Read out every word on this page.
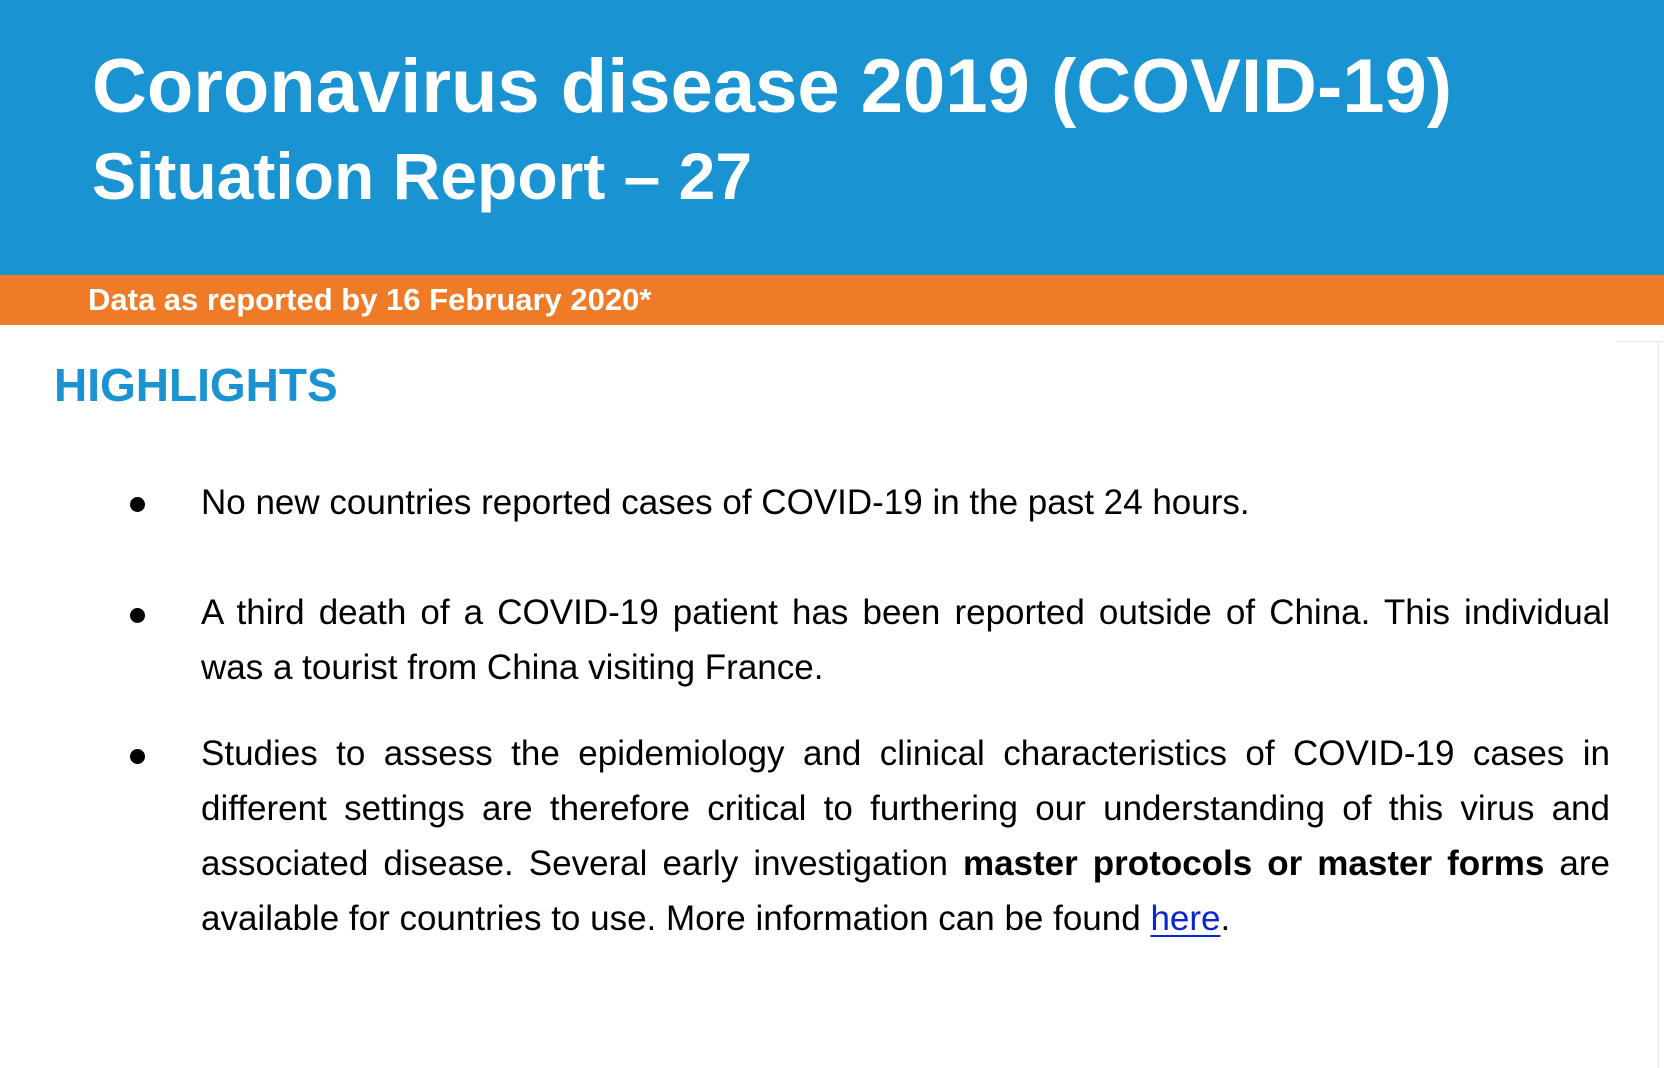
Coronavirus disease 2019 (COVID-19)
Situation Report – 27

Data as reported by 16 February 2020*

HIGHLIGHTS

No new countries reported cases of COVID-19 in the past 24 hours.

A third death of a COVID-19 patient has been reported outside of China. This individual was a tourist from China visiting France.

Studies to assess the epidemiology and clinical characteristics of COVID-19 cases in different settings are therefore critical to furthering our understanding of this virus and associated disease. Several early investigation master protocols or master forms are available for countries to use. More information can be found here.
